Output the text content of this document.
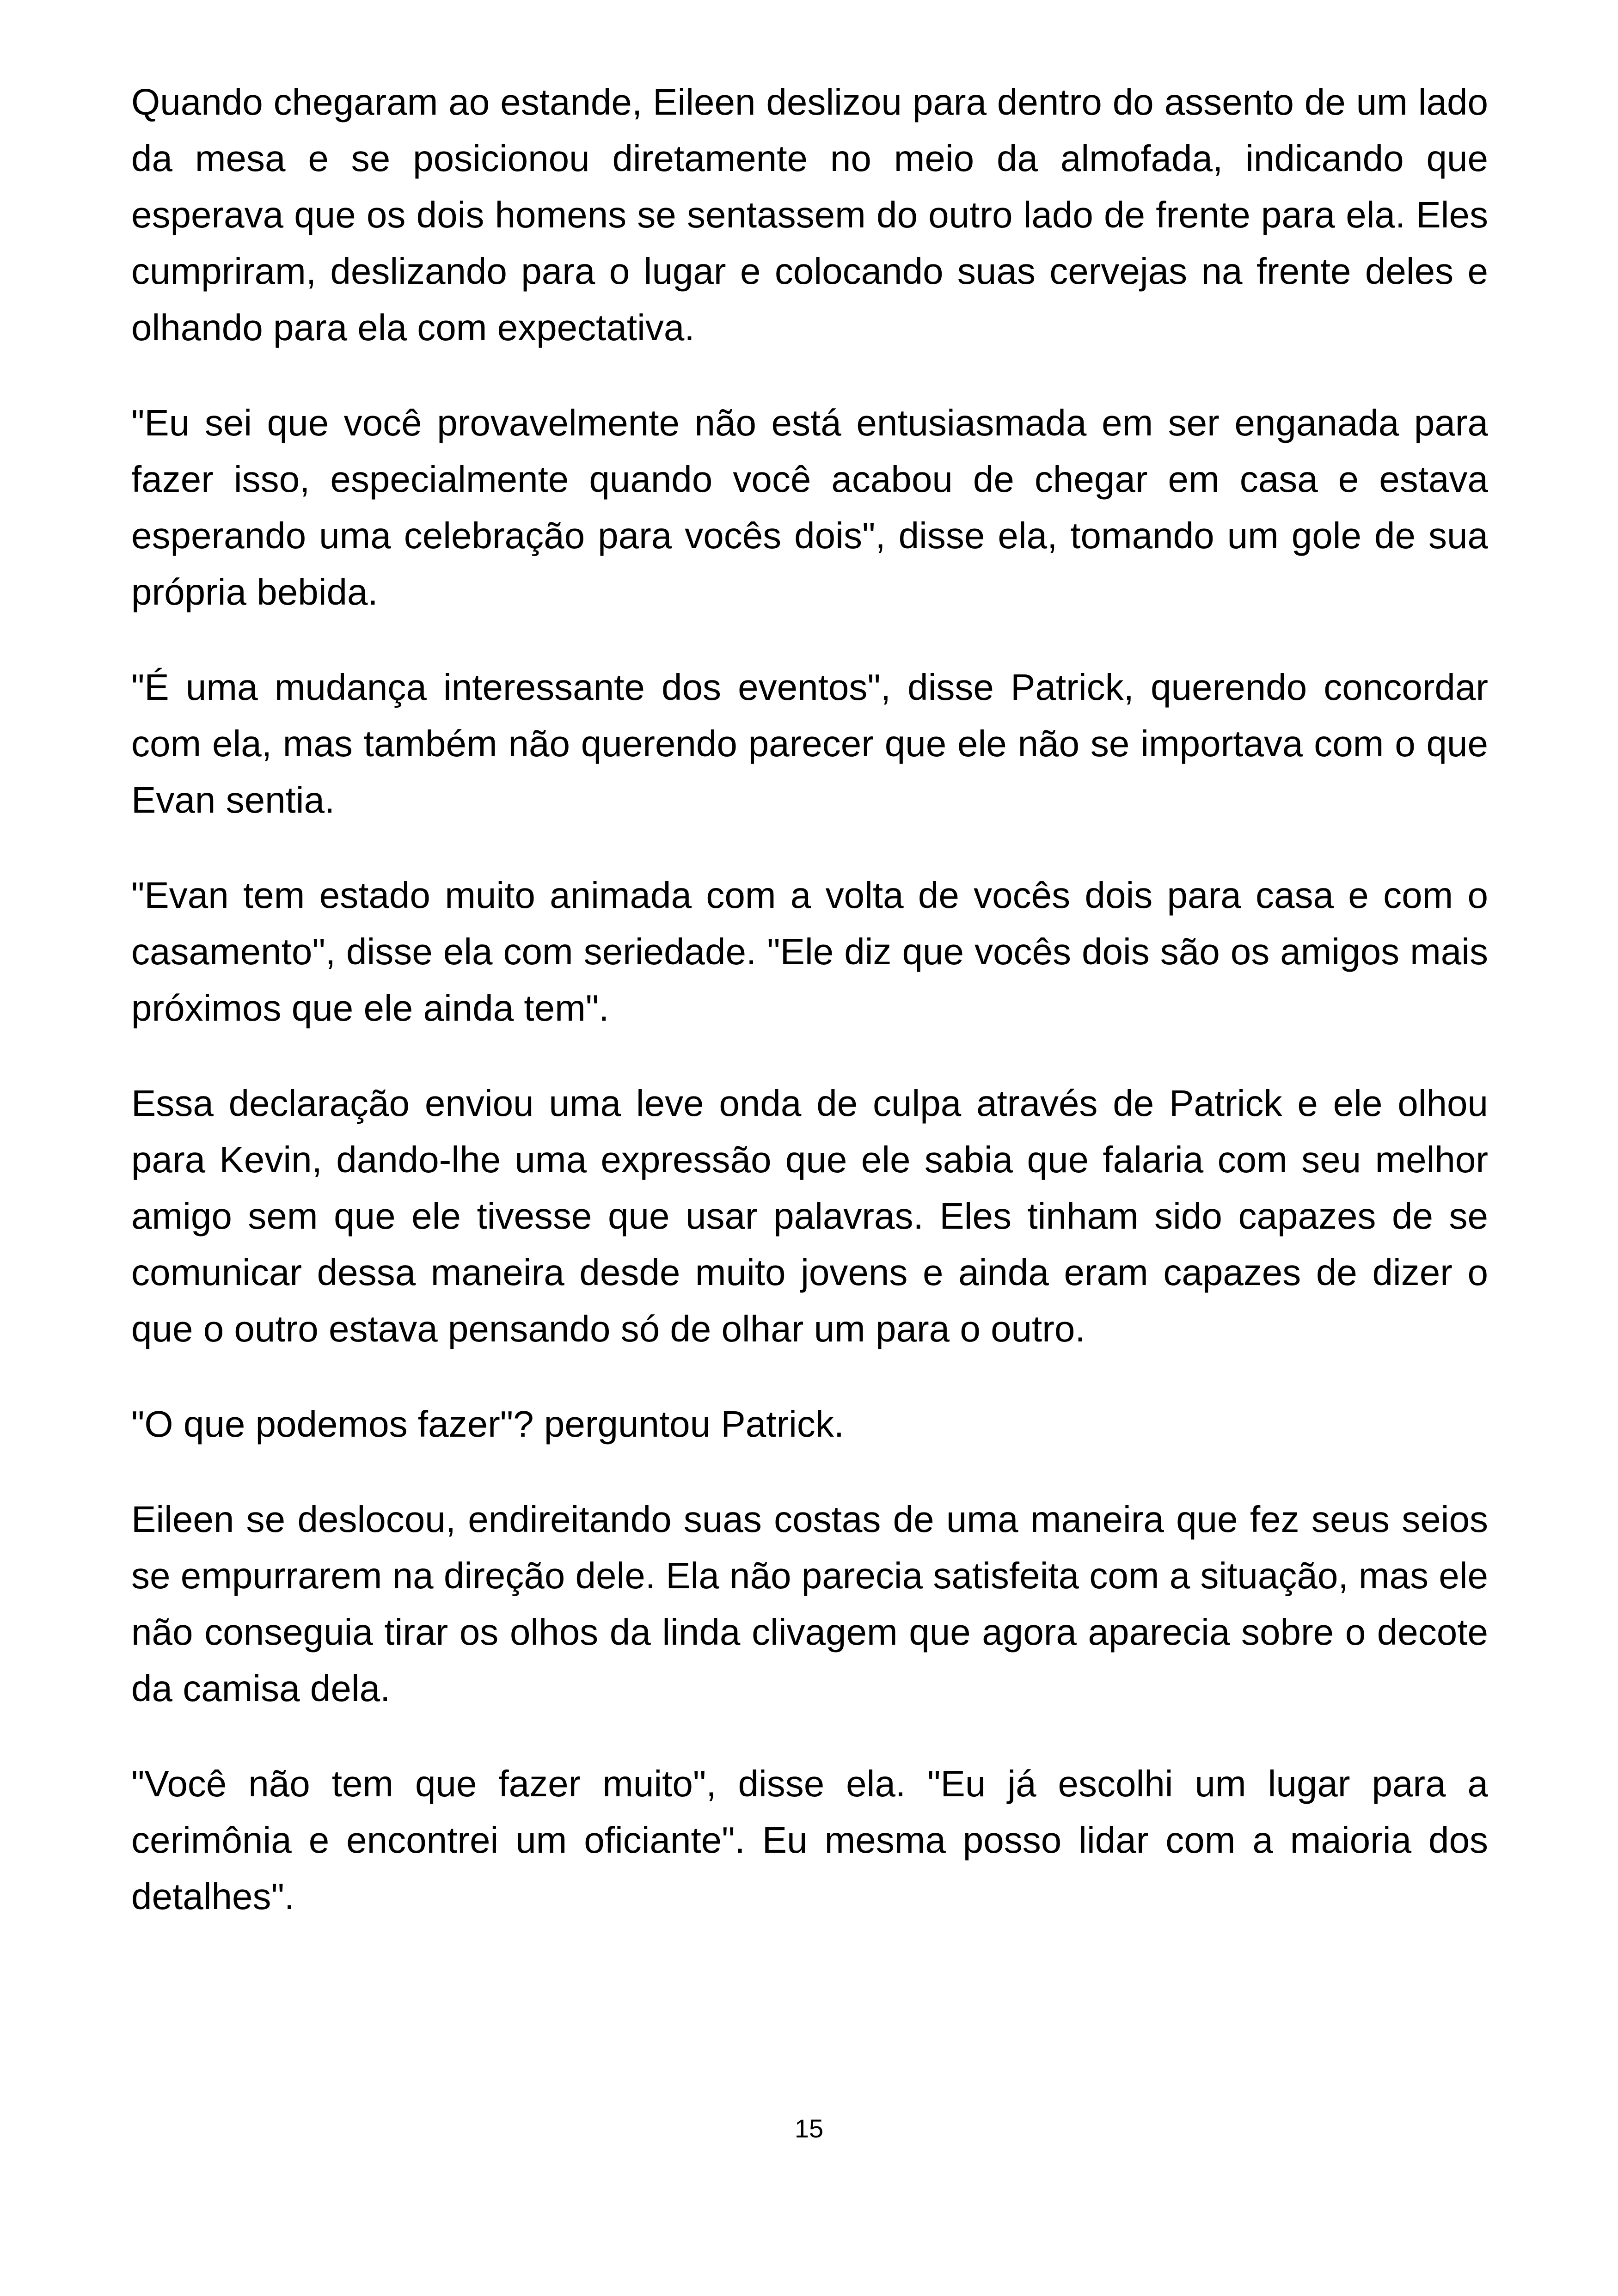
Quando chegaram ao estande, Eileen deslizou para dentro do assento de um lado da mesa e se posicionou diretamente no meio da almofada, indicando que esperava que os dois homens se sentassem do outro lado de frente para ela. Eles cumpriram, deslizando para o lugar e colocando suas cervejas na frente deles e olhando para ela com expectativa.

"Eu sei que você provavelmente não está entusiasmada em ser enganada para fazer isso, especialmente quando você acabou de chegar em casa e estava esperando uma celebração para vocês dois", disse ela, tomando um gole de sua própria bebida.

"É uma mudança interessante dos eventos", disse Patrick, querendo concordar com ela, mas também não querendo parecer que ele não se importava com o que Evan sentia.

"Evan tem estado muito animada com a volta de vocês dois para casa e com o casamento", disse ela com seriedade. "Ele diz que vocês dois são os amigos mais próximos que ele ainda tem".

Essa declaração enviou uma leve onda de culpa através de Patrick e ele olhou para Kevin, dando-lhe uma expressão que ele sabia que falaria com seu melhor amigo sem que ele tivesse que usar palavras. Eles tinham sido capazes de se comunicar dessa maneira desde muito jovens e ainda eram capazes de dizer o que o outro estava pensando só de olhar um para o outro.

"O que podemos fazer"? perguntou Patrick.

Eileen se deslocou, endireitando suas costas de uma maneira que fez seus seios se empurrarem na direção dele. Ela não parecia satisfeita com a situação, mas ele não conseguia tirar os olhos da linda clivagem que agora aparecia sobre o decote da camisa dela.

"Você não tem que fazer muito", disse ela. "Eu já escolhi um lugar para a cerimônia e encontrei um oficiante". Eu mesma posso lidar com a maioria dos detalhes".

15
